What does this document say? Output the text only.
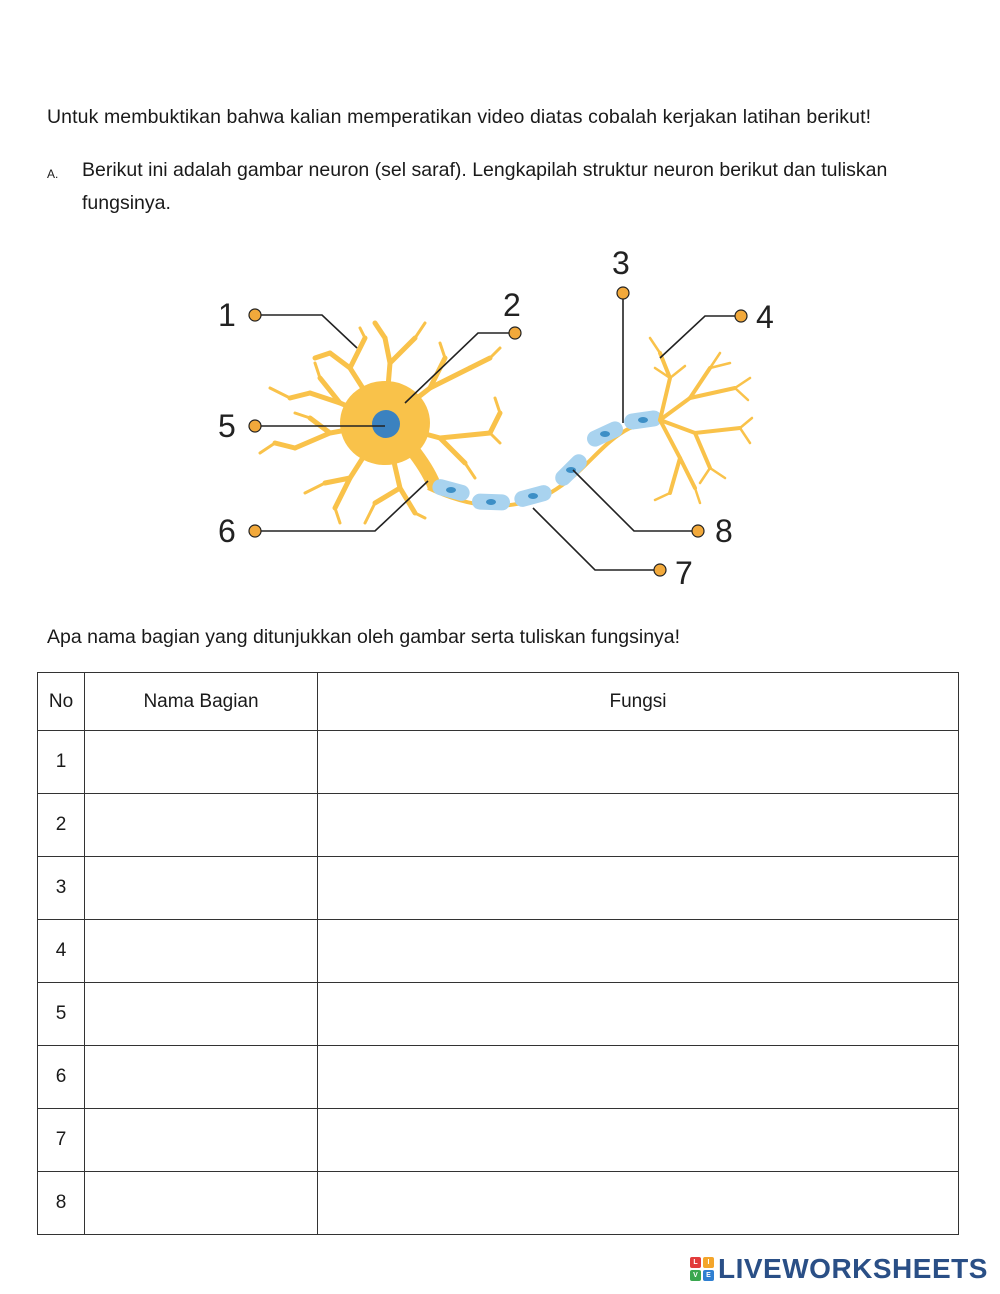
Untuk membuktikan bahwa kalian memperatikan video diatas cobalah kerjakan latihan berikut!
A. Berikut ini adalah gambar neuron (sel saraf). Lengkapilah struktur neuron berikut dan tuliskan fungsinya.
1	2
3
4
5
6
7
8
Apa nama bagian yang ditunjukkan oleh gambar serta tuliskan fungsinya!
No	Nama Bagian	Fungsi
1		
2		
3		
4		
5		
6		
7		
8		
L	I
V	E LIVEWORKSHEETS
